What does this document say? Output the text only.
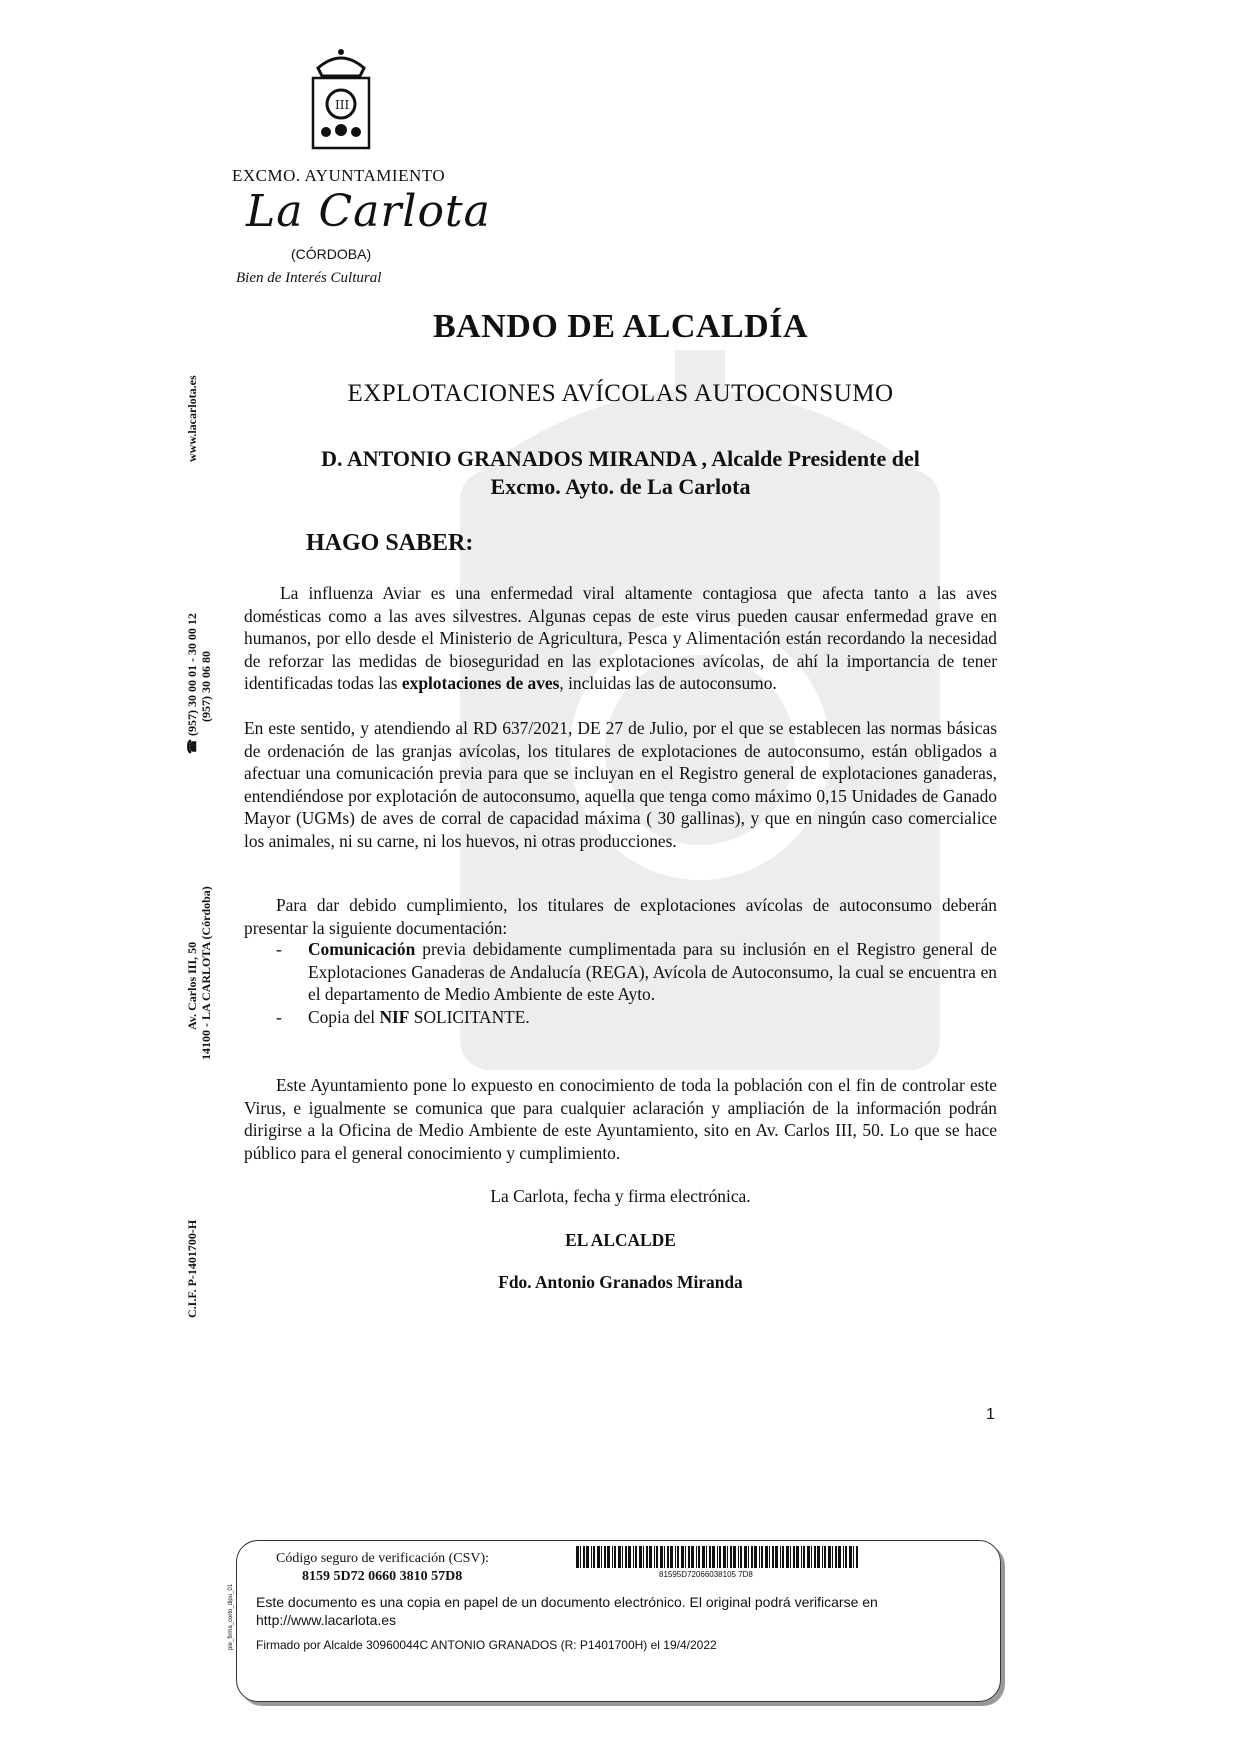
III
EXCMO. AYUNTAMIENTO
La Carlota
(CÓRDOBA)
Bien de Interés Cultural
www.lacarlota.es
☎ (957) 30 00 01 - 30 00 12 (957) 30 06 80
Av. Carlos III, 50 14100 - LA CARLOTA (Córdoba)
C.I.F. P-1401700-H
BANDO DE ALCALDÍA
EXPLOTACIONES AVÍCOLAS AUTOCONSUMO
D. ANTONIO GRANADOS MIRANDA , Alcalde Presidente del
Excmo. Ayto. de La Carlota
HAGO SABER:
La influenza Aviar es una enfermedad viral altamente contagiosa que afecta tanto a las aves domésticas como a las aves silvestres. Algunas cepas de este virus pueden causar enfermedad grave en humanos, por ello desde el Ministerio de Agricultura, Pesca y Alimentación están recordando la necesidad de reforzar las medidas de bioseguridad en las explotaciones avícolas, de ahí la importancia de tener identificadas todas las explotaciones de aves, incluidas las de autoconsumo.
En este sentido, y atendiendo al RD 637/2021, DE 27 de Julio, por el que se establecen las normas básicas de ordenación de las granjas avícolas, los titulares de explotaciones de autoconsumo, están obligados a afectuar una comunicación previa para que se incluyan en el Registro general de explotaciones ganaderas, entendiéndose por explotación de autoconsumo, aquella que tenga como máximo 0,15 Unidades de Ganado Mayor (UGMs) de aves de corral de capacidad máxima ( 30 gallinas), y que en ningún caso comercialice los animales, ni su carne, ni los huevos, ni otras producciones.
Para dar debido cumplimiento, los titulares de explotaciones avícolas de autoconsumo deberán presentar la siguiente documentación:
- Comunicación previa debidamente cumplimentada para su inclusión en el Registro general de Explotaciones Ganaderas de Andalucía (REGA), Avícola de Autoconsumo, la cual se encuentra en el departamento de Medio Ambiente de este Ayto.
- Copia del NIF SOLICITANTE.
Este Ayuntamiento pone lo expuesto en conocimiento de toda la población con el fin de controlar este Virus, e igualmente se comunica que para cualquier aclaración y ampliación de la información podrán dirigirse a la Oficina de Medio Ambiente de este Ayuntamiento, sito en Av. Carlos III, 50. Lo que se hace público para el general conocimiento y cumplimiento.
La Carlota, fecha y firma electrónica.
EL ALCALDE
Fdo. Antonio Granados Miranda
1
Código seguro de verificación (CSV):
8159 5D72 0660 3810 57D8	81595D72066038105 7D8
Este documento es una copia en papel de un documento electrónico. El original podrá verificarse en
http://www.lacarlota.es
Firmado por Alcalde 30960044C ANTONIO GRANADOS (R: P1401700H) el 19/4/2022
pie_firma_corto_dipu_01
